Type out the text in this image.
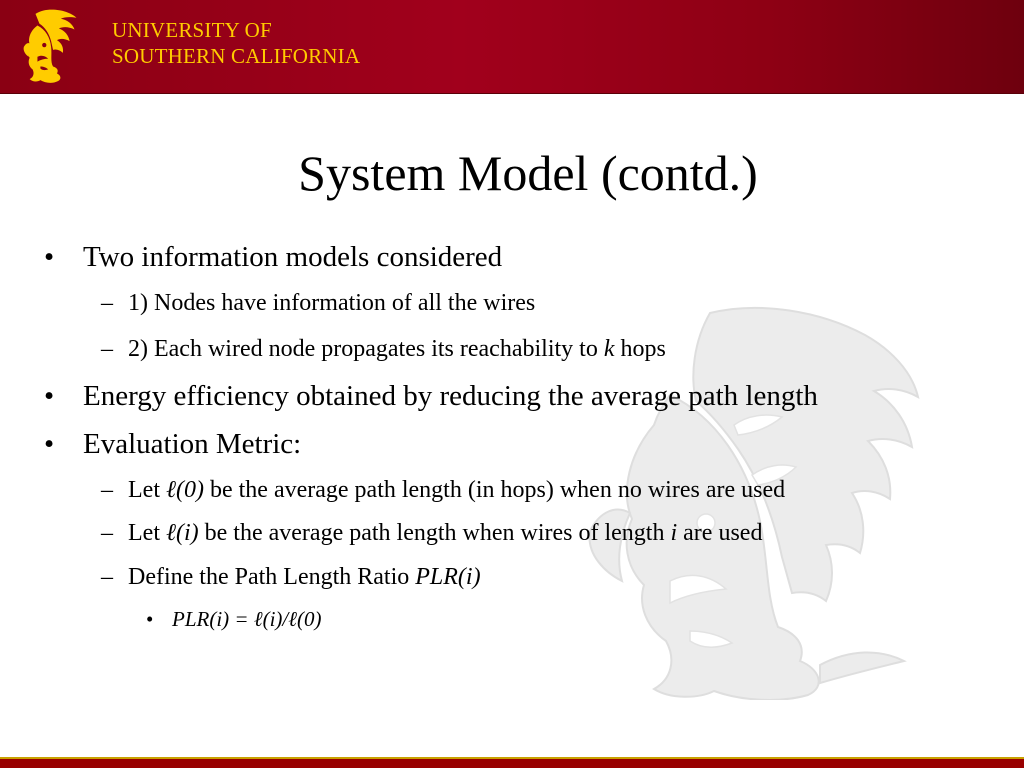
UNIVERSITY OF
SOUTHERN CALIFORNIA
System Model (contd.)
• Two information models considered
– 1) Nodes have information of all the wires
– 2) Each wired node propagates its reachability to k hops
• Energy efficiency obtained by reducing the average path length
• Evaluation Metric:
– Let ℓ(0) be the average path length (in hops) when no wires are used
– Let ℓ(i) be the average path length when wires of length i are used
– Define the Path Length Ratio PLR(i)
• PLR(i) = ℓ(i)/ℓ(0)
